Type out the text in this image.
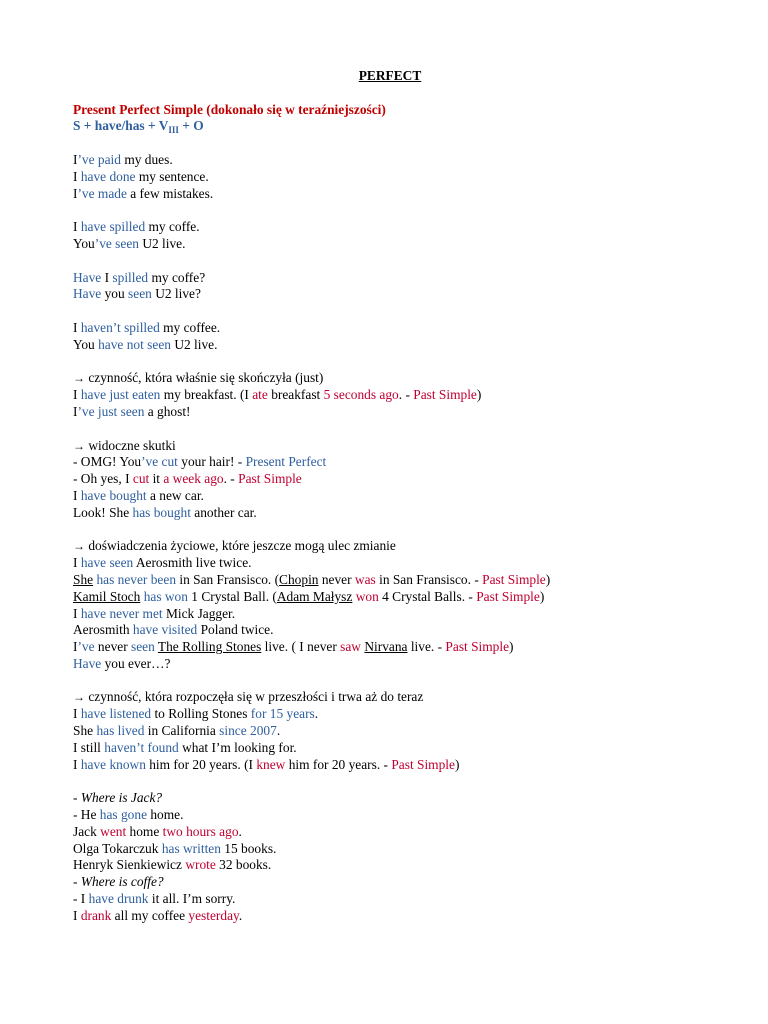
PERFECT
Present Perfect Simple (dokonało się w teraźniejszości)
S + have/has + $V_{III} + O$
I’ve paid my dues.
I have done my sentence.
I’ve made a few mistakes.
I have spilled my coffe.
You’ve seen U2 live.
Have I spilled my coffe?
Have you seen U2 live?
I haven’t spilled my coffee.
You have not seen U2 live.
→ czynność, która właśnie się skończyła (just)
I have just eaten my breakfast. (I ate breakfast 5 seconds ago. - Past Simple)
I’ve just seen a ghost!
→ widoczne skutki
- OMG! You’ve cut your hair! - Present Perfect
- Oh yes, I cut it a week ago. - Past Simple
I have bought a new car.
Look! She has bought another car.
→ doświadczenia życiowe, które jeszcze mogą ulec zmianie
I have seen Aerosmith live twice.
She has never been in San Fransisco. (Chopin never was in San Fransisco. - Past Simple)
Kamil Stoch has won 1 Crystal Ball. (Adam Małysz won 4 Crystal Balls. - Past Simple)
I have never met Mick Jagger.
Aerosmith have visited Poland twice.
I’ve never seen The Rolling Stones live. ( I never saw Nirvana live. - Past Simple)
Have you ever…?
→ czynność, która rozpoczęła się w przeszłości i trwa aż do teraz
I have listened to Rolling Stones for 15 years.
She has lived in California since 2007.
I still haven’t found what I’m looking for.
I have known him for 20 years. (I knew him for 20 years. - Past Simple)
- Where is Jack?
- He has gone home.
Jack went home two hours ago.
Olga Tokarczuk has written 15 books.
Henryk Sienkiewicz wrote 32 books.
- Where is coffe?
- I have drunk it all. I’m sorry.
I drank all my coffee yesterday.
